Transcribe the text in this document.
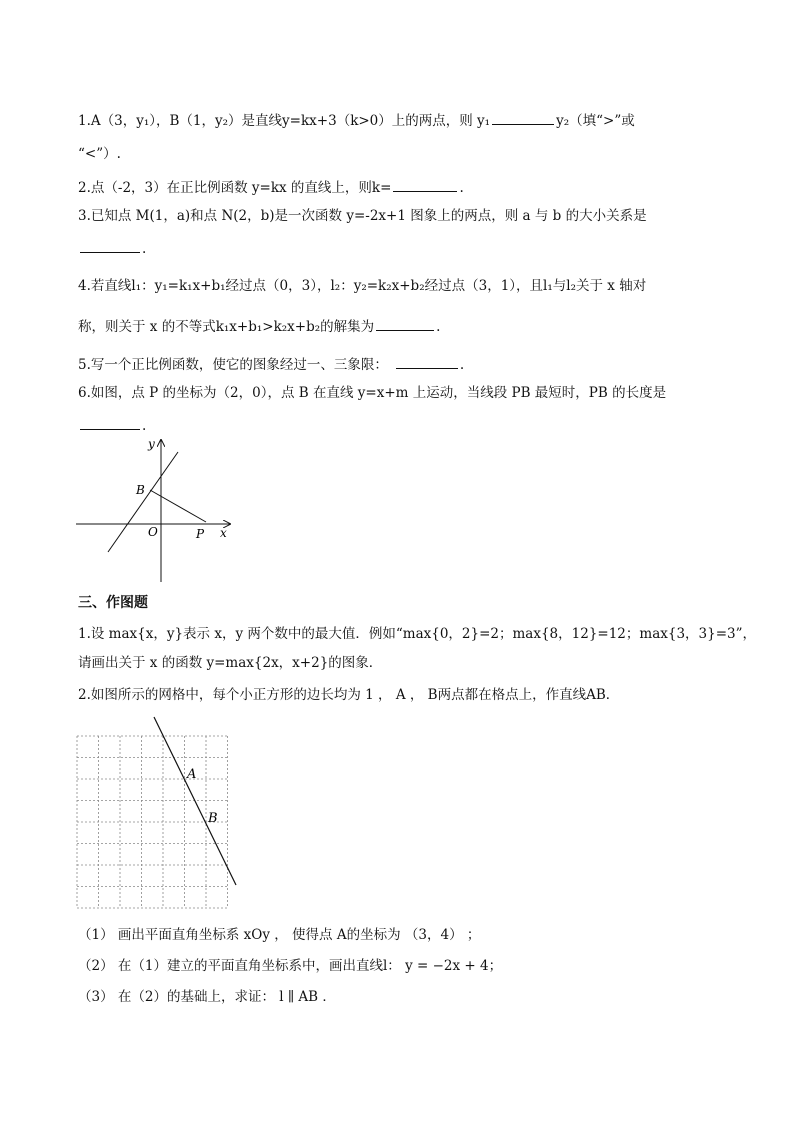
1.A（3，y₁），B（1，y₂）是直线y=kx+3（k>0）上的两点，则 y₁	y₂（填“>”或
“<”）.
2.点（-2，3）在正比例函数 y=kx 的直线上，则k=	.
3.已知点 M(1，a)和点 N(2，b)是一次函数 y=-2x+1 图象上的两点，则 a 与 b 的大小关系是
.
4.若直线l₁：y₁=k₁x+b₁经过点（0，3），l₂：y₂=k₂x+b₂经过点（3，1），且l₁与l₂关于 x 轴对
称，则关于 x 的不等式k₁x+b₁>k₂x+b₂的解集为	.
5.写一个正比例函数，使它的图象经过一、三象限：	.
6.如图，点 P 的坐标为（2，0），点 B 在直线 y=x+m 上运动，当线段 PB 最短时，PB 的长度是
.
y
x
B
O	P
三、作图题
1.设 max{x，y}表示 x，y 两个数中的最大值．例如“max{0，2}=2；max{8，12}=12；max{3，3}=3”，
请画出关于 x 的函数 y=max{2x，x+2}的图象．
2.如图所示的网格中，每个小正方形的边长均为 1 ， A ， B两点都在格点上，作直线AB．
A
B
（1） 画出平面直角坐标系 xOy ， 使得点 A的坐标为 （3，4） ；
（2） 在（1）建立的平面直角坐标系中，画出直线l： y = −2x + 4；
（3） 在（2）的基础上，求证： l ∥ AB ．
